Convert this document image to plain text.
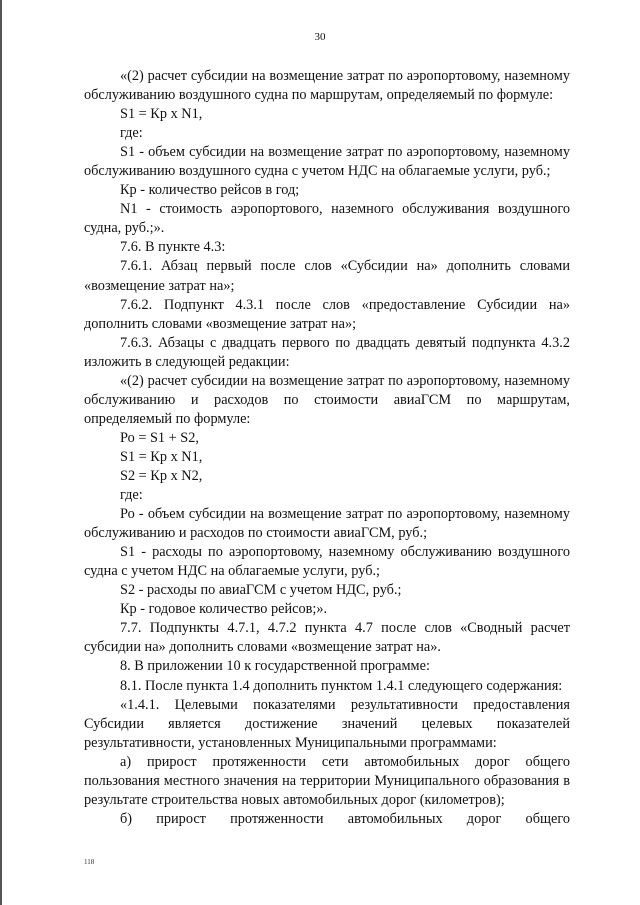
30

«(2) расчет субсидии на возмещение затрат по аэропортовому, наземному обслуживанию воздушного судна по маршрутам, определяемый по формуле:

S1 = Кр х N1,

где:

S1 - объем субсидии на возмещение затрат по аэропортовому, наземному обслуживанию воздушного судна с учетом НДС на облагаемые услуги, руб.;

Кр - количество рейсов в год;

N1 - стоимость аэропортового, наземного обслуживания воздушного судна, руб.;».

7.6. В пункте 4.3:

7.6.1. Абзац первый после слов «Субсидии на» дополнить словами «возмещение затрат на»;

7.6.2. Подпункт 4.3.1 после слов «предоставление Субсидии на» дополнить словами «возмещение затрат на»;

7.6.3. Абзацы с двадцать первого по двадцать девятый подпункта 4.3.2 изложить в следующей редакции:

«(2) расчет субсидии на возмещение затрат по аэропортовому, наземному обслуживанию и расходов по стоимости авиаГСМ по маршрутам, определяемый по формуле:

Ро = S1 + S2,

S1 = Кр х N1,

S2 = Кр х N2,

где:

Ро - объем субсидии на возмещение затрат по аэропортовому, наземному обслуживанию и расходов по стоимости авиаГСМ, руб.;

S1 - расходы по аэропортовому, наземному обслуживанию воздушного судна с учетом НДС на облагаемые услуги, руб.;

S2 - расходы по авиаГСМ с учетом НДС, руб.;

Кр - годовое количество рейсов;».

7.7. Подпункты 4.7.1, 4.7.2 пункта 4.7 после слов «Сводный расчет субсидии на» дополнить словами «возмещение затрат на».

8. В приложении 10 к государственной программе:

8.1. После пункта 1.4 дополнить пунктом 1.4.1 следующего содержания:

«1.4.1. Целевыми показателями результативности предоставления Субсидии является достижение значений целевых показателей результативности, установленных Муниципальными программами:

а) прирост протяженности сети автомобильных дорог общего пользования местного значения на территории Муниципального образования в результате строительства новых автомобильных дорог (километров);

б) прирост протяженности автомобильных дорог общего

118
